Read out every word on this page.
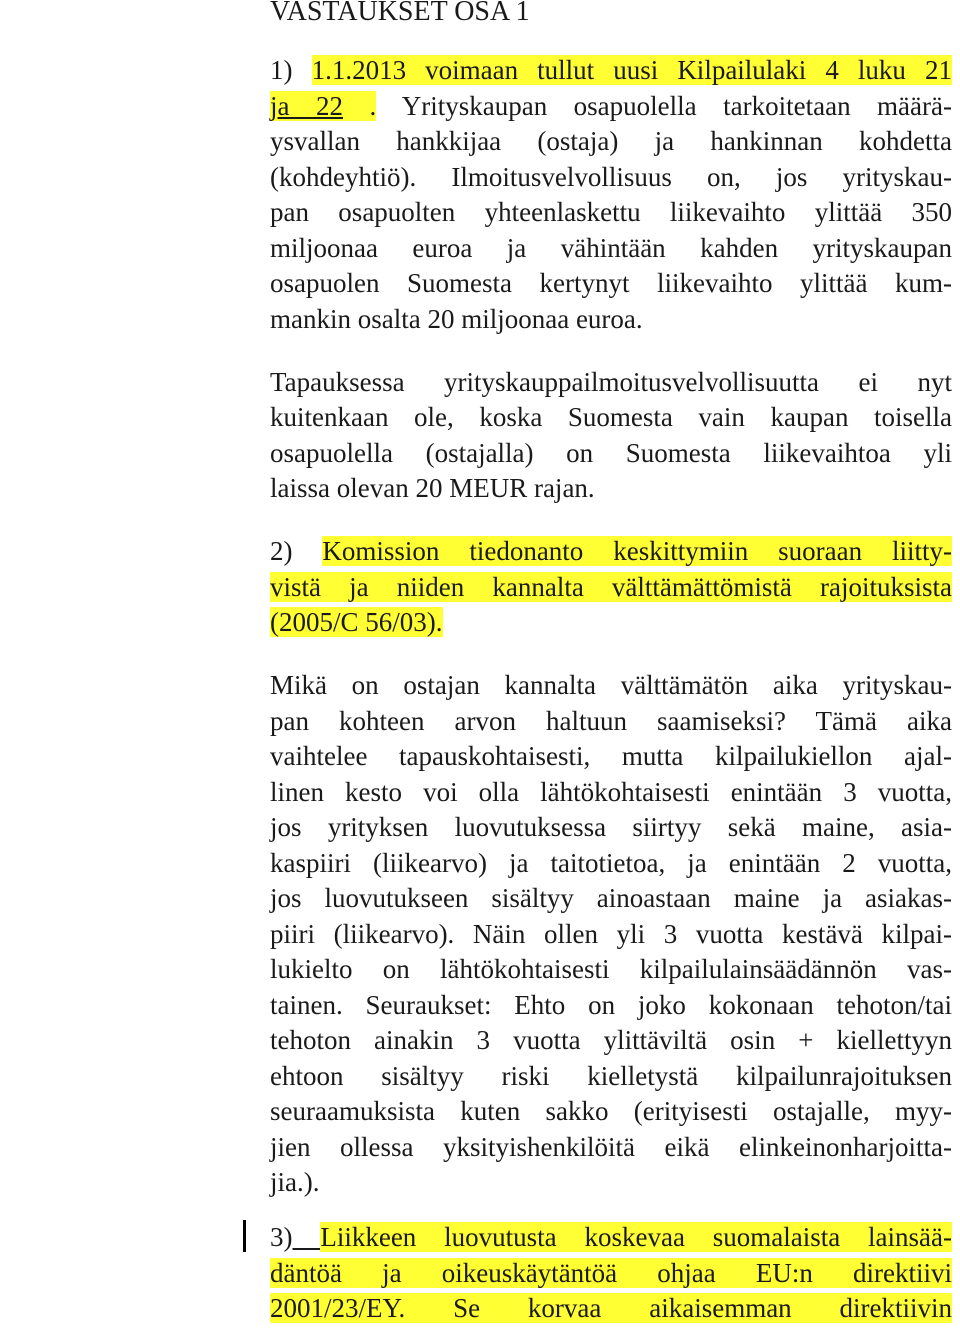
VASTAUKSET OSA 1
1) 1.1.2013 voimaan tullut uusi Kilpailulaki 4 luku 21
ja 22 . Yrityskaupan osapuolella tarkoitetaan määrä-
ysvallan hankkijaa (ostaja) ja hankinnan kohdetta
(kohdeyhtiö). Ilmoitusvelvollisuus on, jos yrityskau-
pan osapuolten yhteenlaskettu liikevaihto ylittää 350
miljoonaa euroa ja vähintään kahden yrityskaupan
osapuolen Suomesta kertynyt liikevaihto ylittää kum-
mankin osalta 20 miljoonaa euroa.
Tapauksessa yrityskauppailmoitusvelvollisuutta ei nyt
kuitenkaan ole, koska Suomesta vain kaupan toisella
osapuolella (ostajalla) on Suomesta liikevaihtoa yli
laissa olevan 20 MEUR rajan.
2) Komission tiedonanto keskittymiin suoraan liitty-
vistä ja niiden kannalta välttämättömistä rajoituksista
(2005/C 56/03).
Mikä on ostajan kannalta välttämätön aika yrityskau-
pan kohteen arvon haltuun saamiseksi? Tämä aika
vaihtelee tapauskohtaisesti, mutta kilpailukiellon ajal-
linen kesto voi olla lähtökohtaisesti enintään 3 vuotta,
jos yrityksen luovutuksessa siirtyy sekä maine, asia-
kaspiiri (liikearvo) ja taitotietoa, ja enintään 2 vuotta,
jos luovutukseen sisältyy ainoastaan maine ja asiakas-
piiri (liikearvo). Näin ollen yli 3 vuotta kestävä kilpai-
lukielto on lähtökohtaisesti kilpailulainsäädännön vas-
tainen. Seuraukset: Ehto on joko kokonaan tehoton/tai
tehoton ainakin 3 vuotta ylittäviltä osin + kiellettyyn
ehtoon sisältyy riski kielletystä kilpailunrajoituksen
seuraamuksista kuten sakko (erityisesti ostajalle, myy-
jien ollessa yksityishenkilöitä eikä elinkeinonharjoitta-
jia.).
3) Liikkeen luovutusta koskevaa suomalaista lainsää-
däntöä ja oikeuskäytäntöä ohjaa EU:n direktiivi
2001/23/EY. Se korvaa aikaisemman direktiivin
